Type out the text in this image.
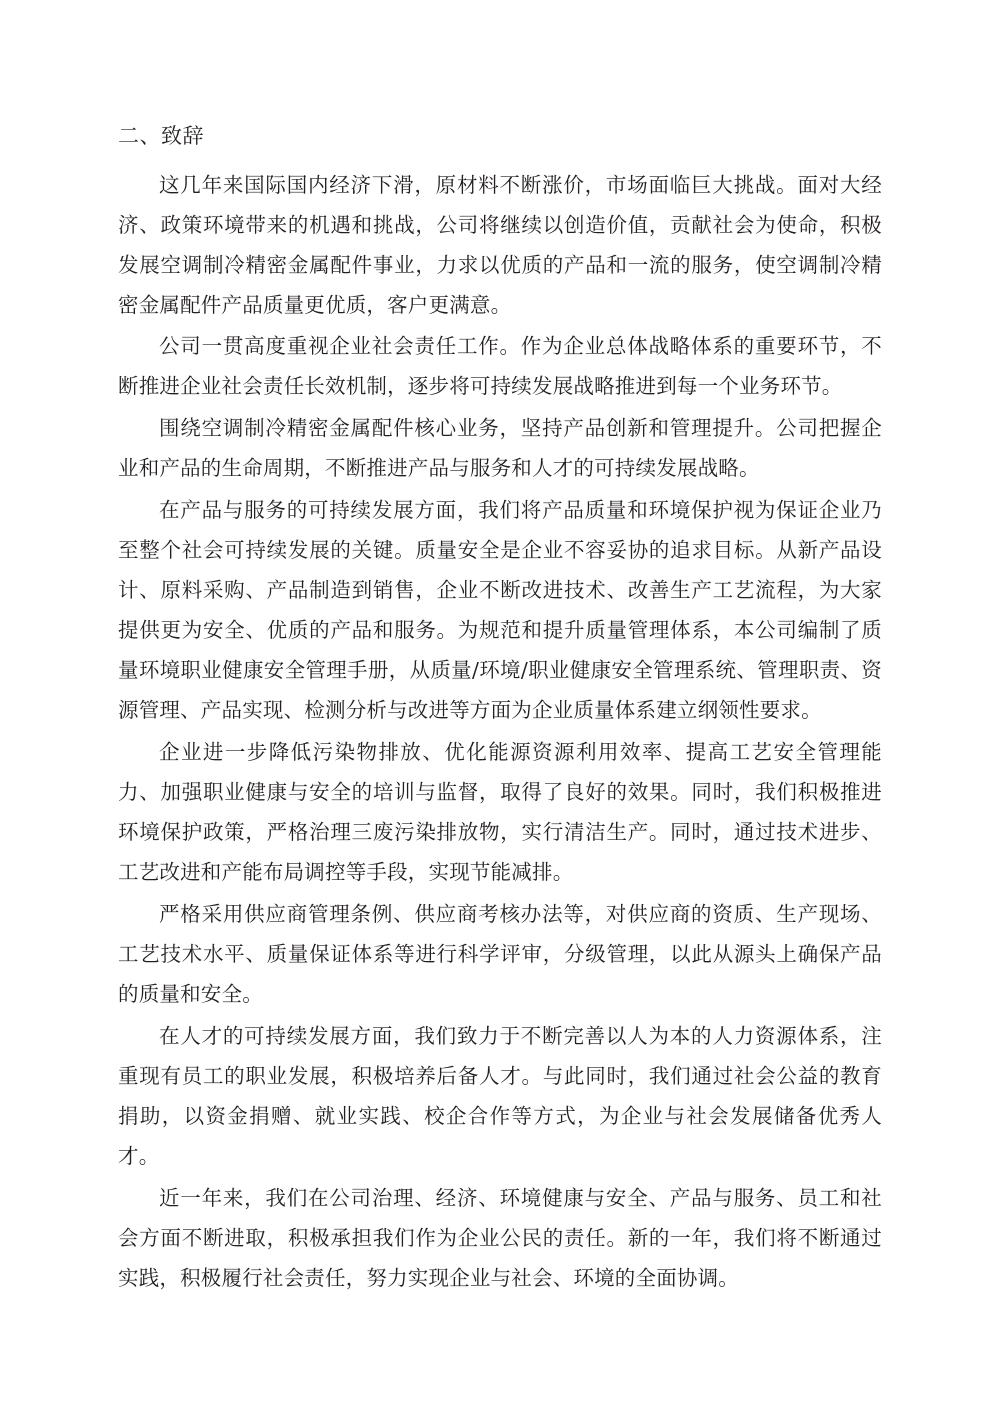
二、致辞

这几年来国际国内经济下滑，原材料不断涨价，市场面临巨大挑战。面对大经济、政策环境带来的机遇和挑战，公司将继续以创造价值，贡献社会为使命，积极发展空调制冷精密金属配件事业，力求以优质的产品和一流的服务，使空调制冷精密金属配件产品质量更优质，客户更满意。

公司一贯高度重视企业社会责任工作。作为企业总体战略体系的重要环节，不断推进企业社会责任长效机制，逐步将可持续发展战略推进到每一个业务环节。

围绕空调制冷精密金属配件核心业务，坚持产品创新和管理提升。公司把握企业和产品的生命周期，不断推进产品与服务和人才的可持续发展战略。

在产品与服务的可持续发展方面，我们将产品质量和环境保护视为保证企业乃至整个社会可持续发展的关键。质量安全是企业不容妥协的追求目标。从新产品设计、原料采购、产品制造到销售，企业不断改进技术、改善生产工艺流程，为大家提供更为安全、优质的产品和服务。为规范和提升质量管理体系，本公司编制了质量环境职业健康安全管理手册，从质量/环境/职业健康安全管理系统、管理职责、资源管理、产品实现、检测分析与改进等方面为企业质量体系建立纲领性要求。

企业进一步降低污染物排放、优化能源资源利用效率、提高工艺安全管理能力、加强职业健康与安全的培训与监督，取得了良好的效果。同时，我们积极推进环境保护政策，严格治理三废污染排放物，实行清洁生产。同时，通过技术进步、工艺改进和产能布局调控等手段，实现节能减排。

严格采用供应商管理条例、供应商考核办法等，对供应商的资质、生产现场、工艺技术水平、质量保证体系等进行科学评审，分级管理，以此从源头上确保产品的质量和安全。

在人才的可持续发展方面，我们致力于不断完善以人为本的人力资源体系，注重现有员工的职业发展，积极培养后备人才。与此同时，我们通过社会公益的教育捐助，以资金捐赠、就业实践、校企合作等方式，为企业与社会发展储备优秀人才。

近一年来，我们在公司治理、经济、环境健康与安全、产品与服务、员工和社会方面不断进取，积极承担我们作为企业公民的责任。新的一年，我们将不断通过实践，积极履行社会责任，努力实现企业与社会、环境的全面协调。
